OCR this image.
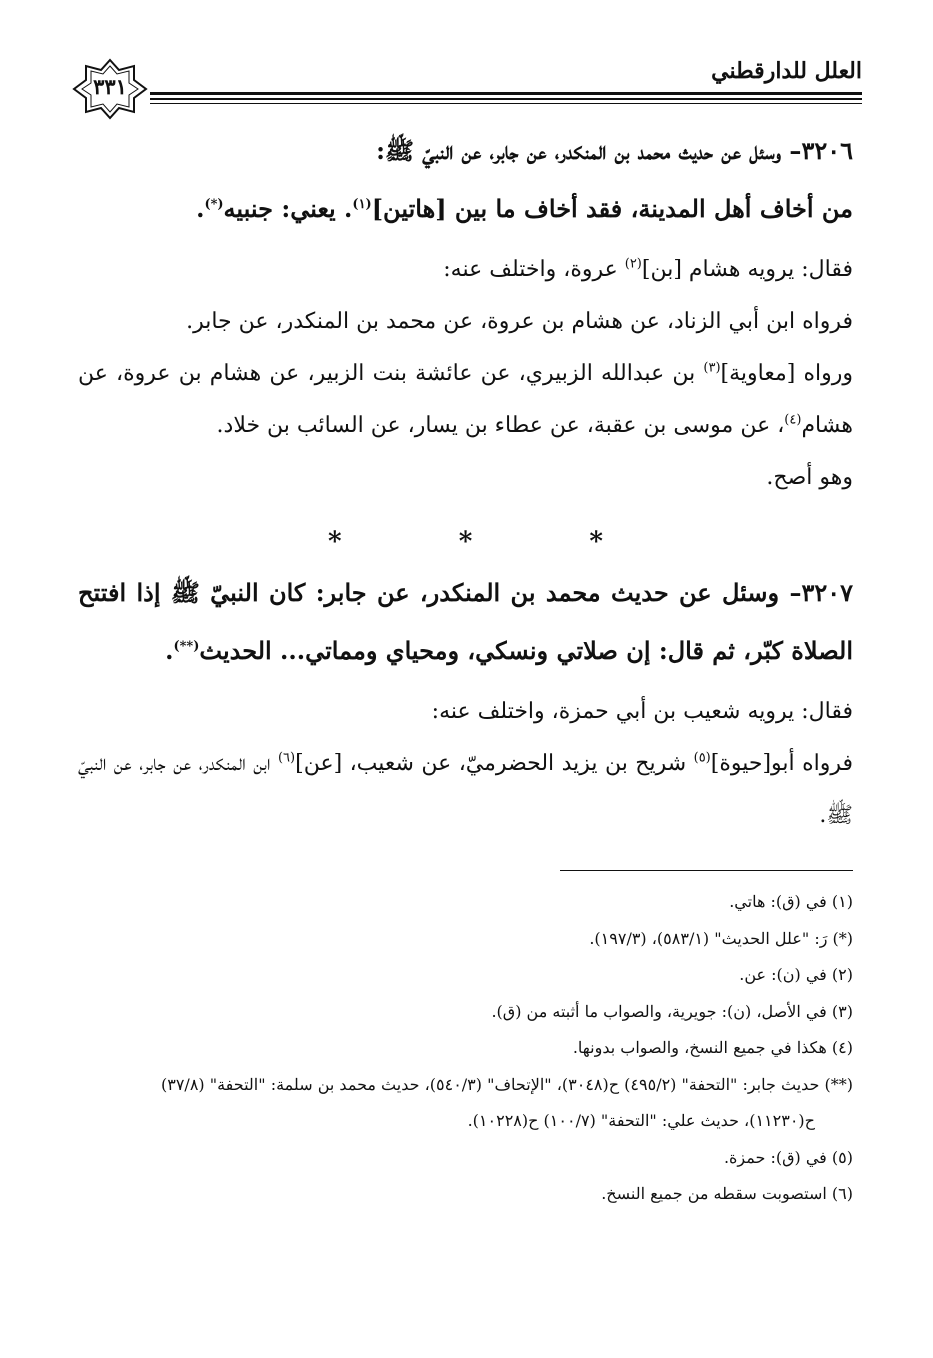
العلل للدارقطني
٣٣١

٣٢٠٦– وسئل عن حديث محمد بن المنكدر، عن جابر، عن النبيّ ﷺ:
من أخاف أهل المدينة، فقد أخاف ما بين [هاتين]$^{(١)}$. يعني: جنبيه(*).

فقال: يرويه هشام [بن]$^{(٢)}$ عروة، واختلف عنه:

فرواه ابن أبي الزناد، عن هشام بن عروة، عن محمد بن المنكدر، عن جابر.

ورواه [معاوية]$^{(٣)}$ بن عبدالله الزبيري، عن عائشة بنت الزبير، عن هشام بن عروة، عن هشام$^{(٤)}$، عن موسى بن عقبة، عن عطاء بن يسار، عن السائب بن خلاد.

وهو أصح.

* * *

٣٢٠٧– وسئل عن حديث محمد بن المنكدر، عن جابر: كان النبيّ ﷺ إذا افتتح الصلاة كبّر، ثم قال: إن صلاتي ونسكي، ومحياي ومماتي... الحديث(**).

فقال: يرويه شعيب بن أبي حمزة، واختلف عنه:

فرواه أبو[حيوة]$^{(٥)}$ شريح بن يزيد الحضرميّ، عن شعيب، [عن]$^{(٦)}$ ابن المنكدر، عن جابر، عن النبيّ ﷺ.

(١) في (ق): هاتي.

(*) رَ: "علل الحديث" (٥٨٣/١)، (١٩٧/٣).

(٢) في (ن): عن.

(٣) في الأصل، (ن): جويرية، والصواب ما أثبته من (ق).

(٤) هكذا في جميع النسخ، والصواب بدونها.

(**) حديث جابر: "التحفة" (٤٩٥/٢) ح(٣٠٤٨)، "الإتحاف" (٥٤٠/٣)، حديث محمد بن سلمة: "التحفة" (٣٧/٨)

ح(١١٢٣٠)، حديث علي: "التحفة" (١٠٠/٧) ح(١٠٢٢٨).

(٥) في (ق): حمزة.

(٦) استصوبت سقطه من جميع النسخ.
